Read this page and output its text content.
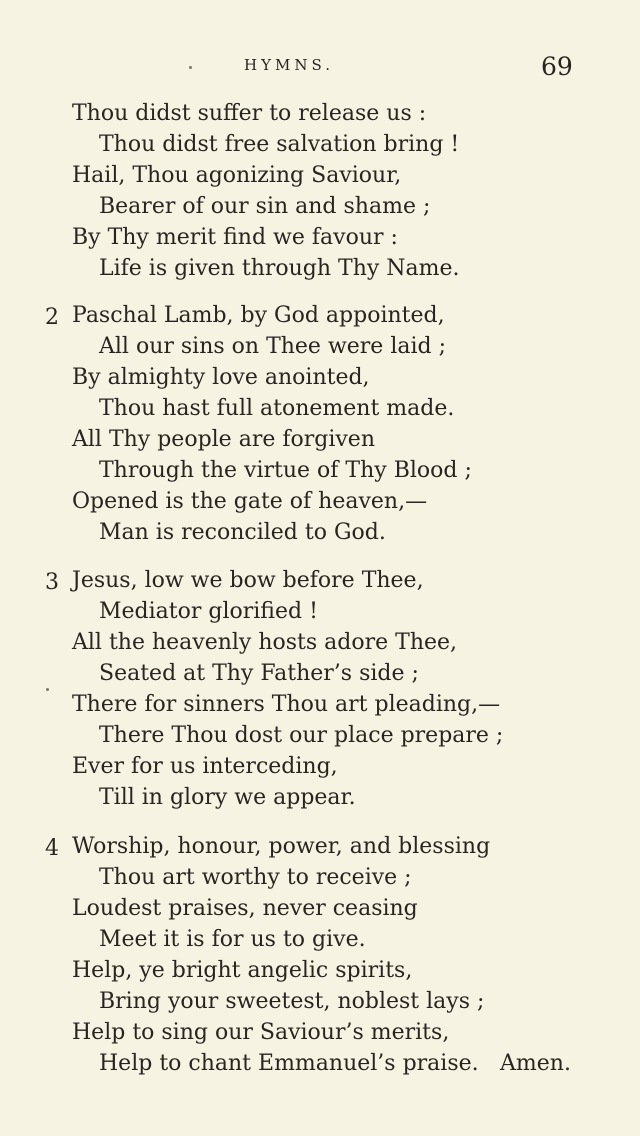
HYMNS.	69
Thou didst suffer to release us :
Thou didst free salvation bring !
Hail, Thou agonizing Saviour,
Bearer of our sin and shame ;
By Thy merit find we favour :
Life is given through Thy Name.
2 Paschal Lamb, by God appointed,
All our sins on Thee were laid ;
By almighty love anointed,
Thou hast full atonement made.
All Thy people are forgiven
Through the virtue of Thy Blood ;
Opened is the gate of heaven,—
Man is reconciled to God.
3 Jesus, low we bow before Thee,
Mediator glorified !
All the heavenly hosts adore Thee,
Seated at Thy Father’s side ;
There for sinners Thou art pleading,—
There Thou dost our place prepare ;
Ever for us interceding,
Till in glory we appear.
4 Worship, honour, power, and blessing
Thou art worthy to receive ;
Loudest praises, never ceasing
Meet it is for us to give.
Help, ye bright angelic spirits,
Bring your sweetest, noblest lays ;
Help to sing our Saviour’s merits,
Help to chant Emmanuel’s praise. Amen.
